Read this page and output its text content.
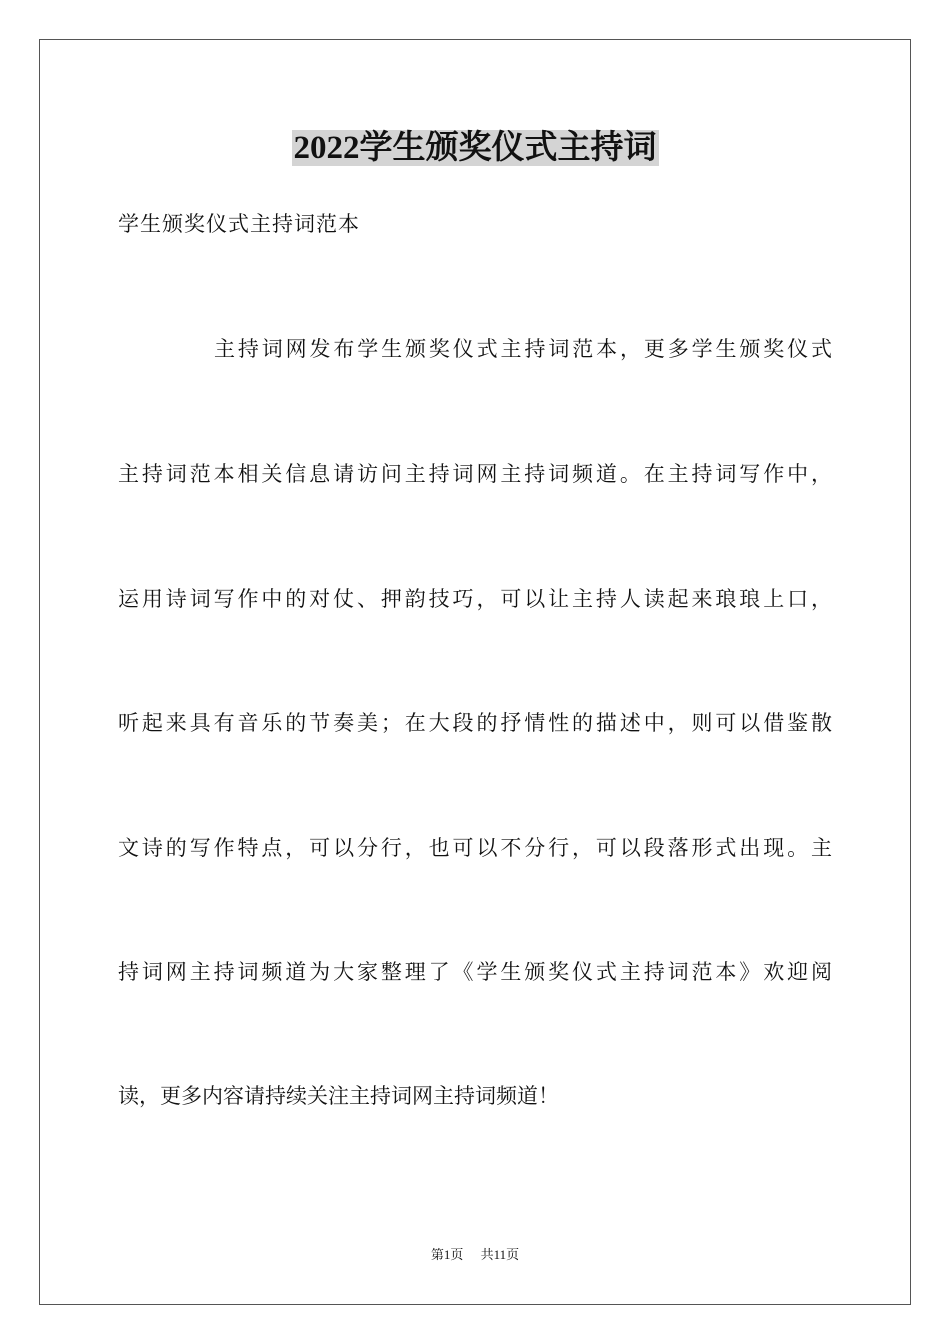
2022学生颁奖仪式主持词
学生颁奖仪式主持词范本
主持词网发布学生颁奖仪式主持词范本，更多学生颁奖仪式
主持词范本相关信息请访问主持词网主持词频道。在主持词写作中，
运用诗词写作中的对仗、押韵技巧，可以让主持人读起来琅琅上口，
听起来具有音乐的节奏美；在大段的抒情性的描述中，则可以借鉴散
文诗的写作特点，可以分行，也可以不分行，可以段落形式出现。主
持词网主持词频道为大家整理了《学生颁奖仪式主持词范本》欢迎阅
读，更多内容请持续关注主持词网主持词频道！
第1页 共11页
